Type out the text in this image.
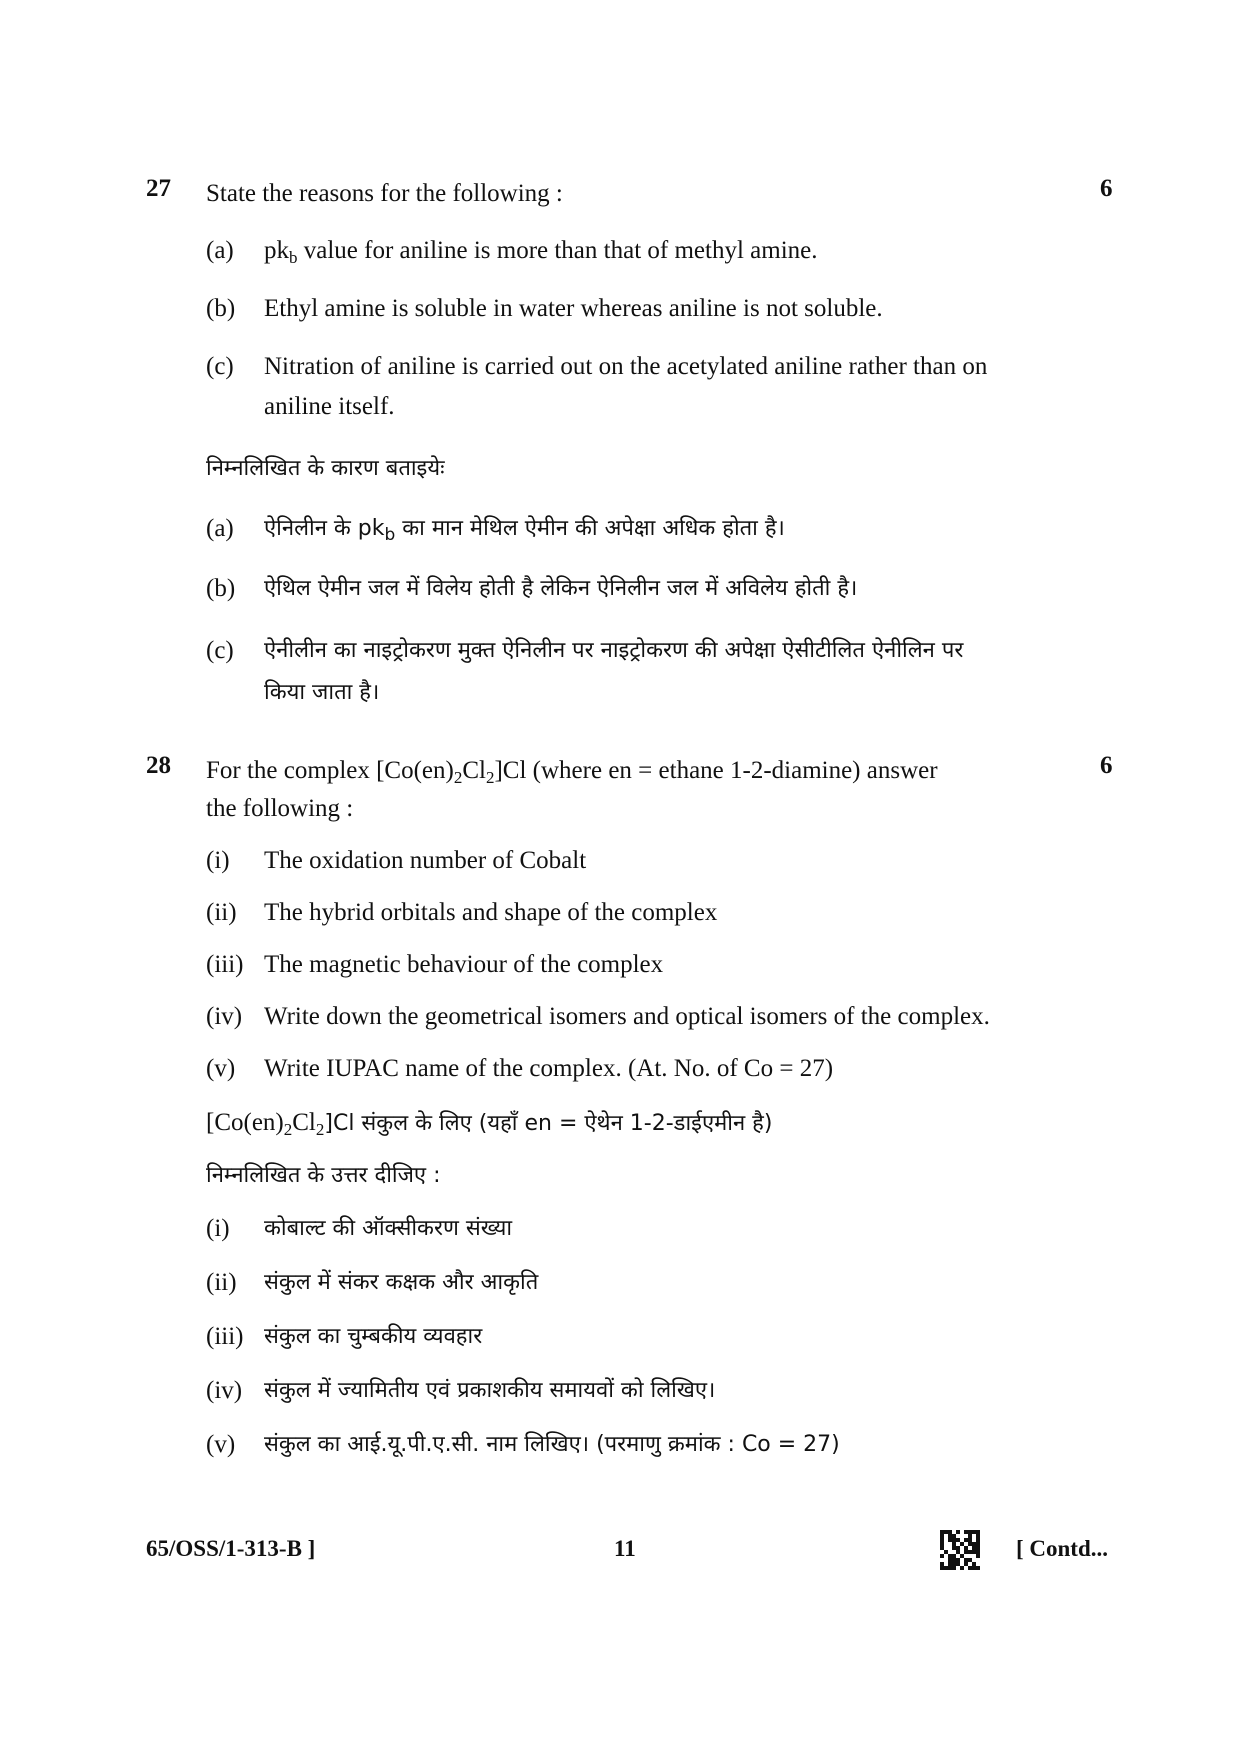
27 State the reasons for the following :	6
(a) $pk_b$ value for aniline is more than that of methyl amine.
(b) Ethyl amine is soluble in water whereas aniline is not soluble.
(c) Nitration of aniline is carried out on the acetylated aniline rather than on
aniline itself.
निम्नलिखित के कारण बताइयेः
(a) ऐनिलीन के $pk_b$ का मान मेथिल ऐमीन की अपेक्षा अधिक होता है।
(b) ऐथिल ऐमीन जल में विलेय होती है लेकिन ऐनिलीन जल में अविलेय होती है।
(c) ऐनीलीन का नाइट्रोकरण मुक्त ऐनिलीन पर नाइट्रोकरण की अपेक्षा ऐसीटीलित ऐनीलिन पर
किया जाता है।
28 For the complex $[Co(en)_2Cl_2]Cl$ (where en = ethane 1-2-diamine) answer	6
the following :
(i) The oxidation number of Cobalt
(ii) The hybrid orbitals and shape of the complex
(iii) The magnetic behaviour of the complex
(iv) Write down the geometrical isomers and optical isomers of the complex.
(v) Write IUPAC name of the complex. (At. No. of Co = 27)
$[Co(en)_2Cl_2]Cl$ संकुल के लिए (यहाँ en = ऐथेन 1-2-डाईएमीन है)
निम्नलिखित के उत्तर दीजिए :
(i) कोबाल्ट की ऑक्सीकरण संख्या
(ii) संकुल में संकर कक्षक और आकृति
(iii) संकुल का चुम्बकीय व्यवहार
(iv) संकुल में ज्यामितीय एवं प्रकाशकीय समायवों को लिखिए।
(v) संकुल का आई.यू.पी.ए.सी. नाम लिखिए। (परमाणु क्रमांक : Co = 27)
65/OSS/1-313-B ]	11	[ Contd...
